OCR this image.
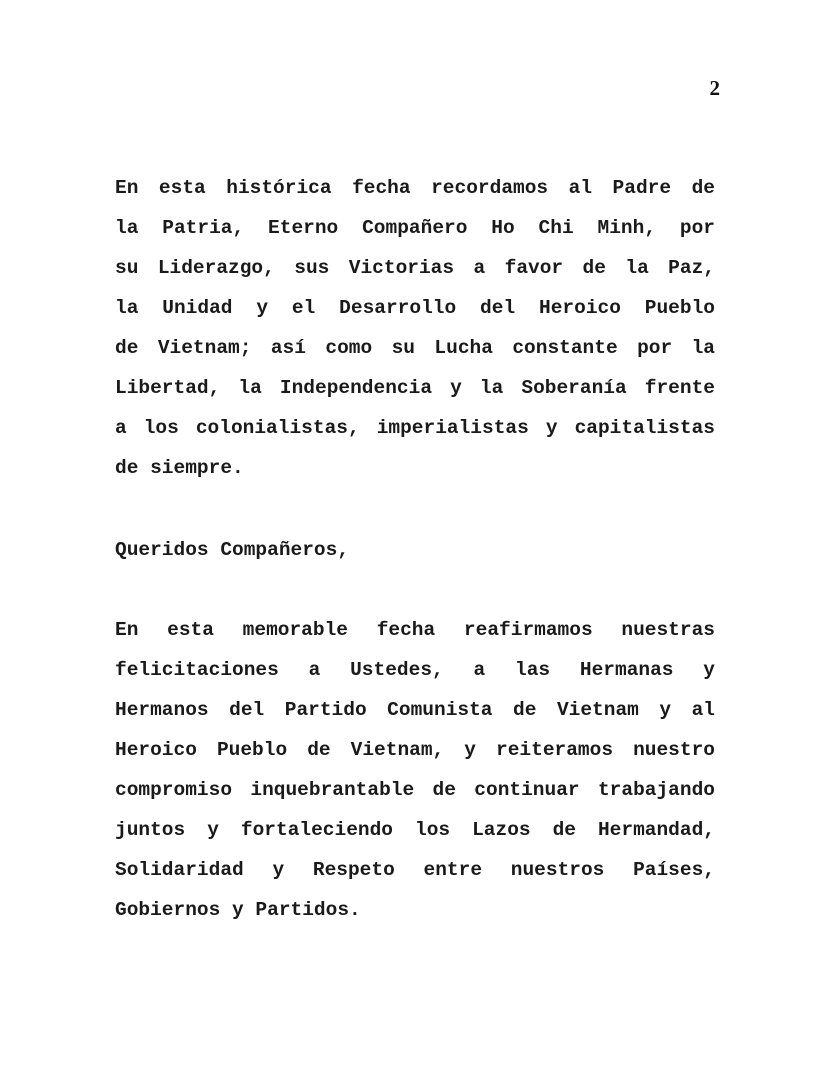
2

En esta histórica fecha recordamos al Padre de
la Patria, Eterno Compañero Ho Chi Minh, por
su Liderazgo, sus Victorias a favor de la Paz,
la Unidad y el Desarrollo del Heroico Pueblo
de Vietnam; así como su Lucha constante por la
Libertad, la Independencia y la Soberanía frente
a los colonialistas, imperialistas y capitalistas
de siempre.

Queridos Compañeros,

En esta memorable fecha reafirmamos nuestras
felicitaciones a Ustedes, a las Hermanas y
Hermanos del Partido Comunista de Vietnam y al
Heroico Pueblo de Vietnam, y reiteramos nuestro
compromiso inquebrantable de continuar trabajando
juntos y fortaleciendo los Lazos de Hermandad,
Solidaridad y Respeto entre nuestros Países,
Gobiernos y Partidos.
